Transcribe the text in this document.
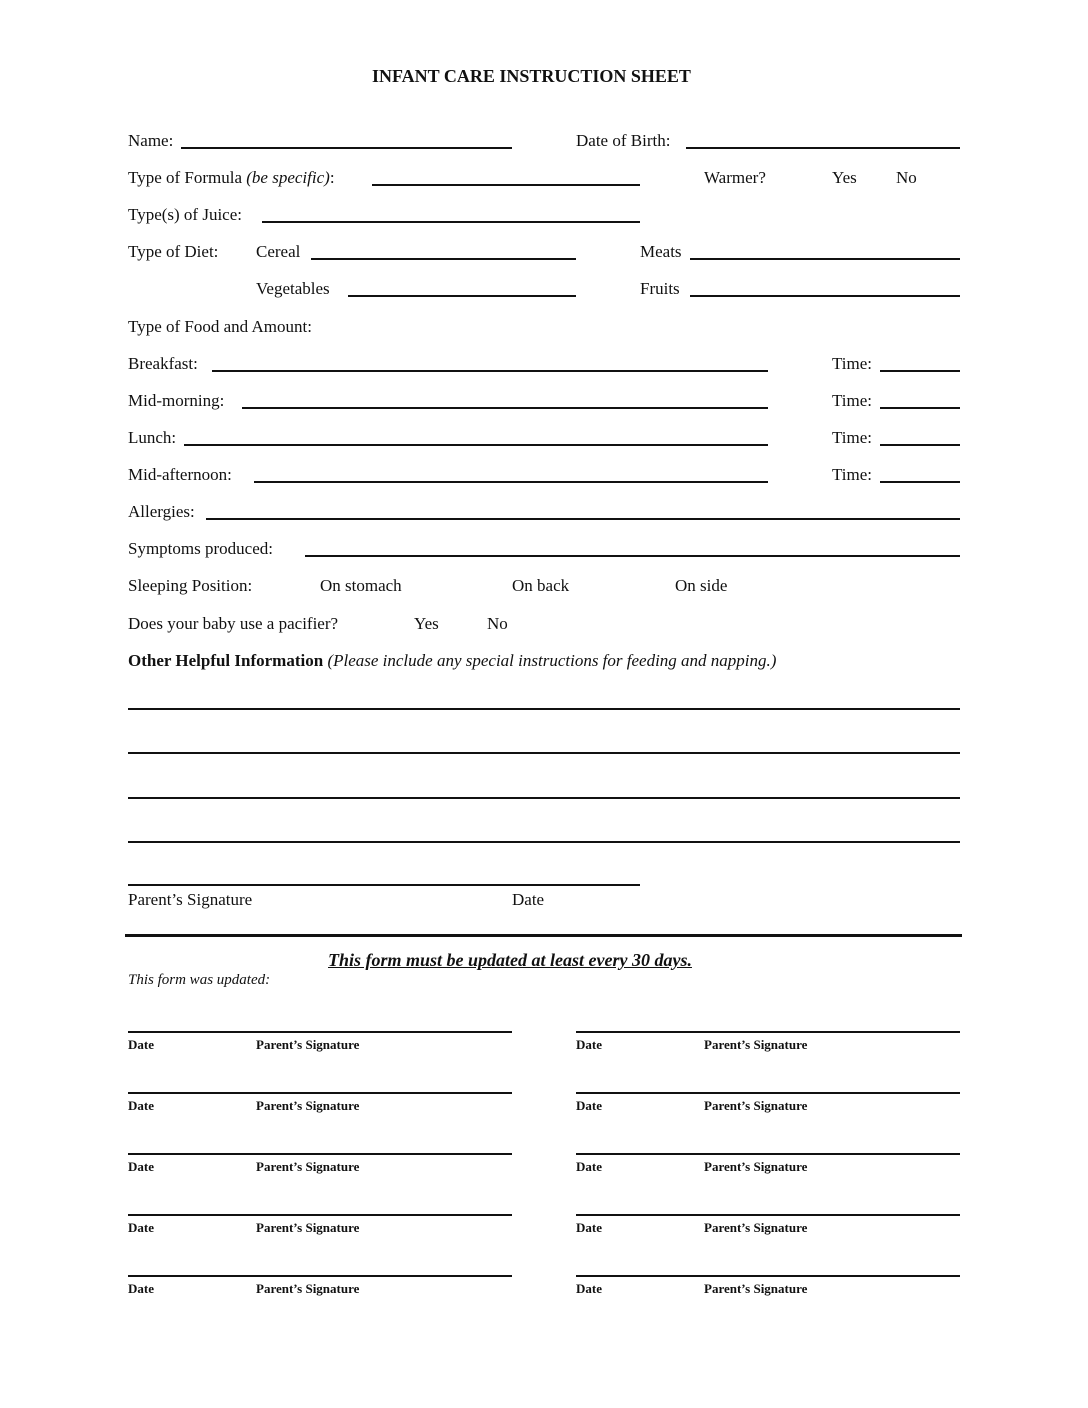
INFANT CARE INSTRUCTION SHEET
Name:	Date of Birth:
Type of Formula (be specific):	Warmer?	Yes No
Type(s) of Juice:
Type of Diet: Cereal	Meats
Vegetables	Fruits
Type of Food and Amount:
Breakfast:	Time:
Mid-morning:	Time:
Lunch:	Time:
Mid-afternoon:	Time:
Allergies:
Symptoms produced:
Sleeping Position:	On stomach	On back	On side
Does your baby use a pacifier?	Yes	No
Other Helpful Information (Please include any special instructions for feeding and napping.)
Parent’s Signature	Date
This form must be updated at least every 30 days.
This form was updated:
Date	Parent’s Signature	Date	Parent’s Signature
Date	Parent’s Signature	Date	Parent’s Signature
Date	Parent’s Signature	Date	Parent’s Signature
Date	Parent’s Signature	Date	Parent’s Signature
Date	Parent’s Signature	Date	Parent’s Signature
